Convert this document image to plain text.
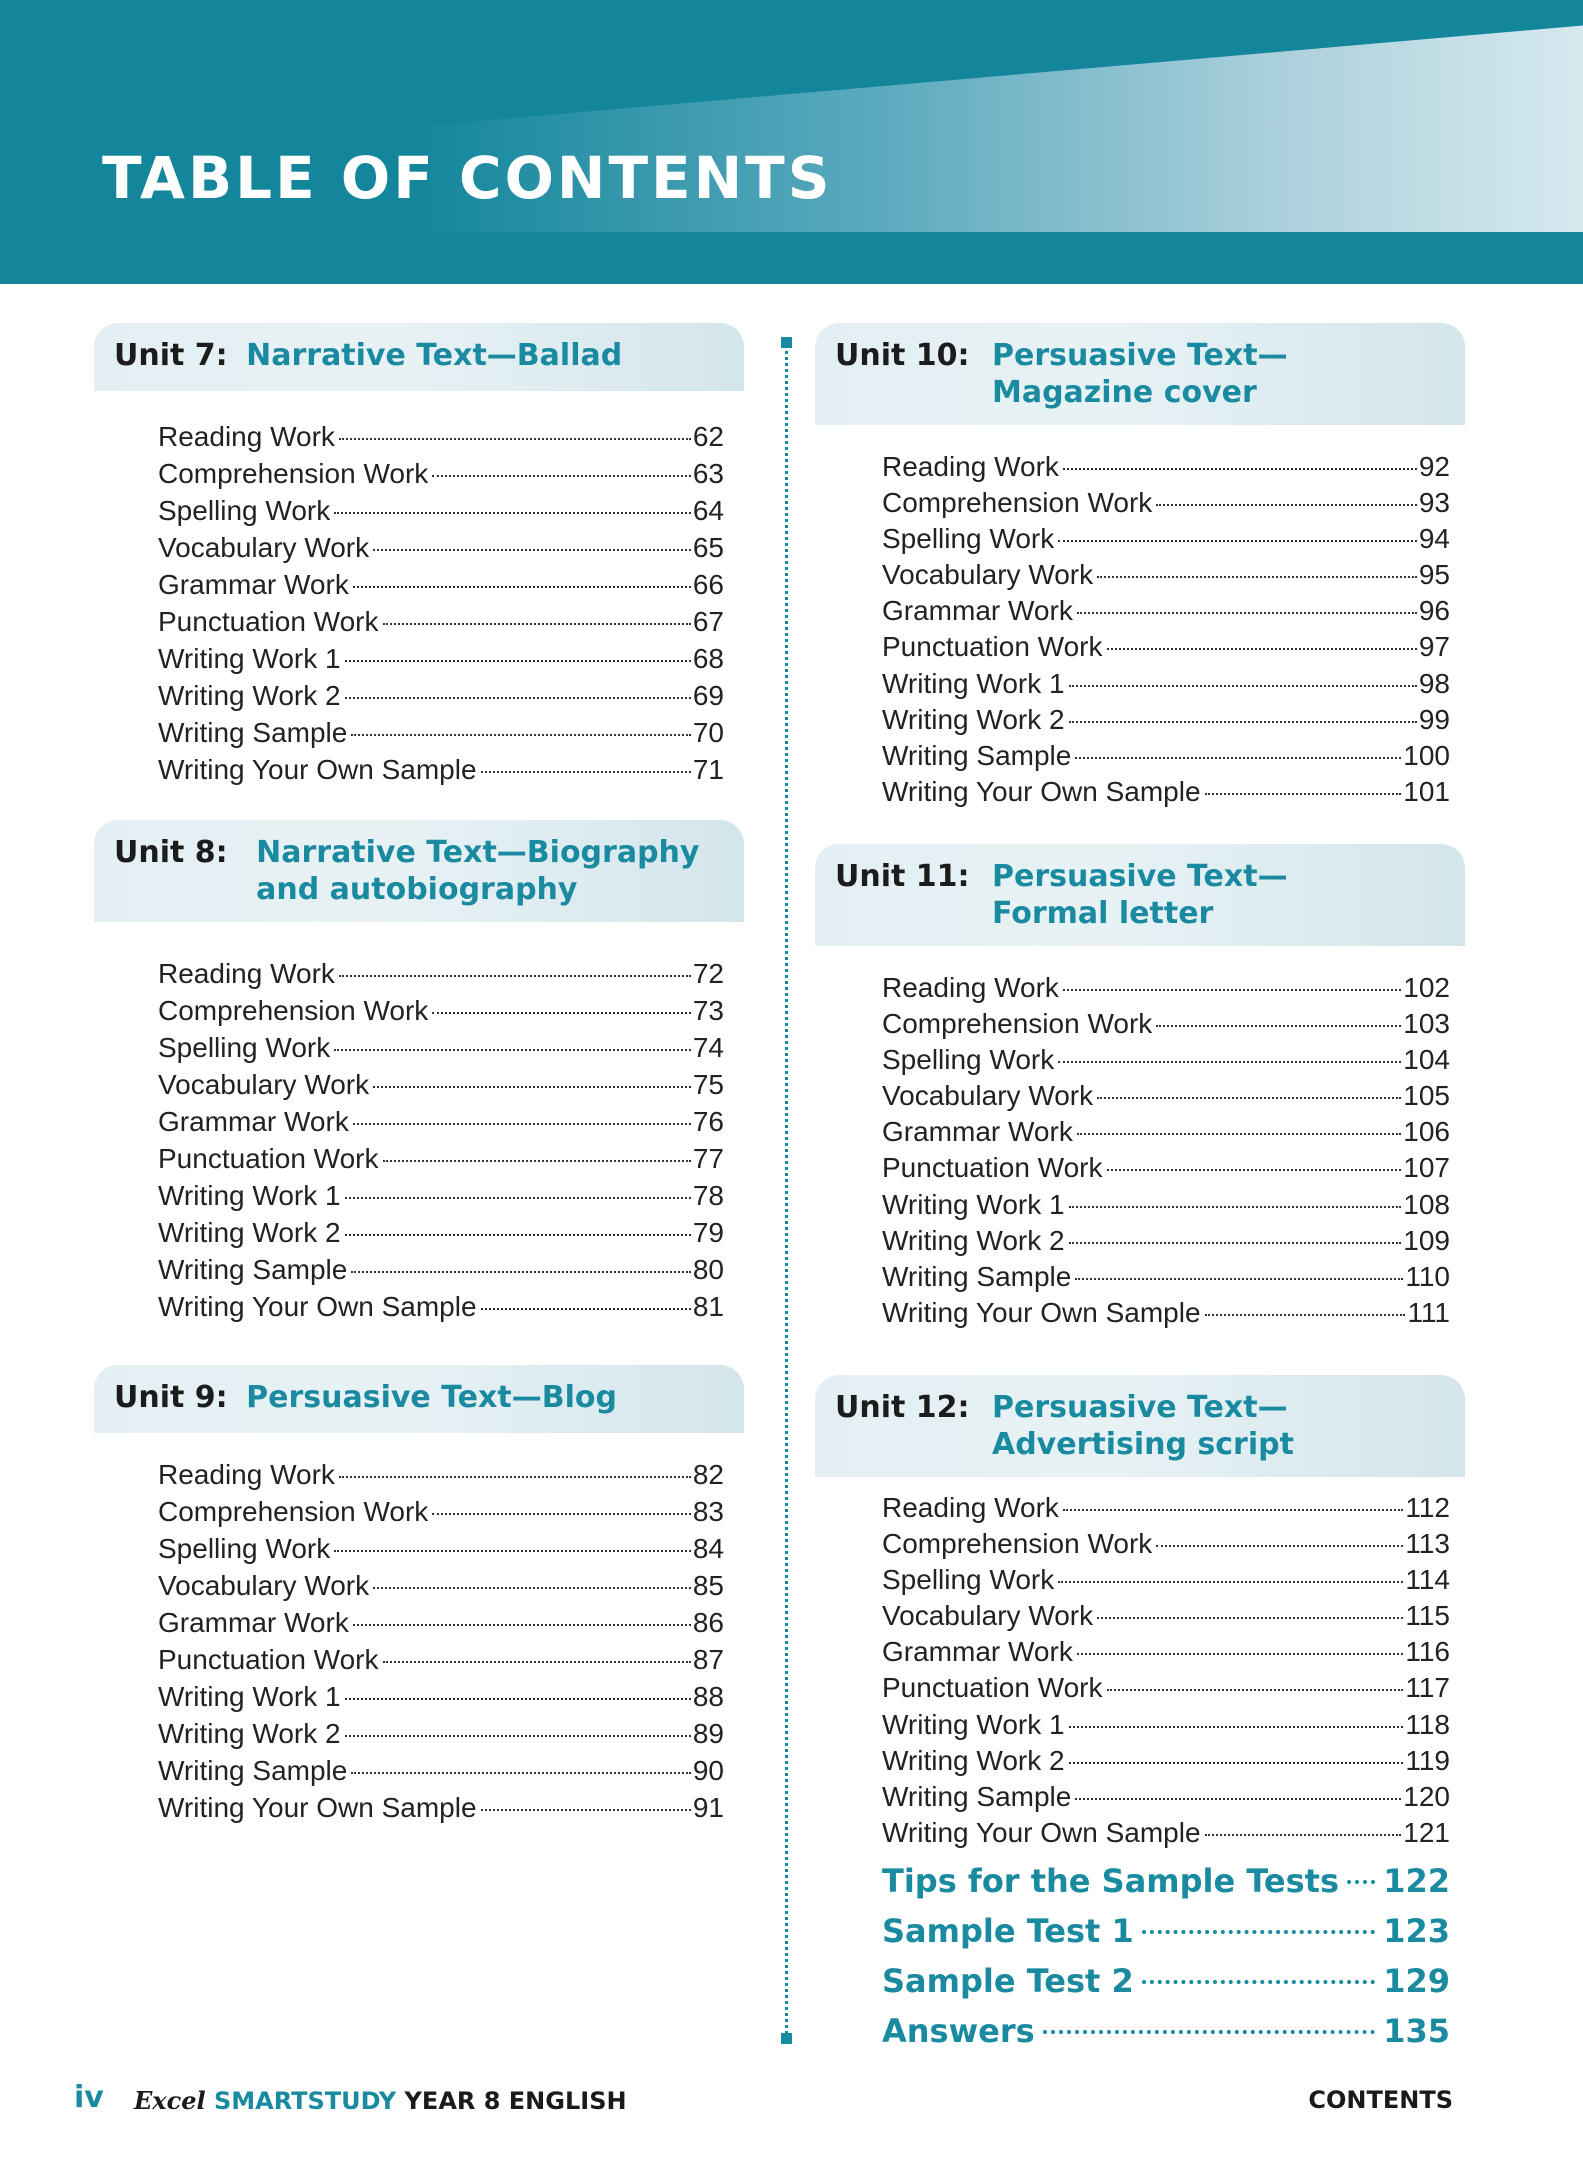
TABLE OF CONTENTS
Unit 7: Narrative Text—Ballad
Reading Work	62
Comprehension Work	63
Spelling Work	64
Vocabulary Work	65
Grammar Work	66
Punctuation Work	67
Writing Work 1	68
Writing Work 2	69
Writing Sample	70
Writing Your Own Sample	71
Unit 8: Narrative Text—Biography
and autobiography
Reading Work	72
Comprehension Work	73
Spelling Work	74
Vocabulary Work	75
Grammar Work	76
Punctuation Work	77
Writing Work 1	78
Writing Work 2	79
Writing Sample	80
Writing Your Own Sample	81
Unit 9: Persuasive Text—Blog
Reading Work	82
Comprehension Work	83
Spelling Work	84
Vocabulary Work	85
Grammar Work	86
Punctuation Work	87
Writing Work 1	88
Writing Work 2	89
Writing Sample	90
Writing Your Own Sample	91
Unit 10: Persuasive Text—
Magazine cover
Reading Work	92
Comprehension Work	93
Spelling Work	94
Vocabulary Work	95
Grammar Work	96
Punctuation Work	97
Writing Work 1	98
Writing Work 2	99
Writing Sample	100
Writing Your Own Sample	101
Unit 11: Persuasive Text—
Formal letter
Reading Work	102
Comprehension Work	103
Spelling Work	104
Vocabulary Work	105
Grammar Work	106
Punctuation Work	107
Writing Work 1	108
Writing Work 2	109
Writing Sample	110
Writing Your Own Sample	111
Unit 12: Persuasive Text—
Advertising script
Reading Work	112
Comprehension Work	113
Spelling Work	114
Vocabulary Work	115
Grammar Work	116
Punctuation Work	117
Writing Work 1	118
Writing Work 2	119
Writing Sample	120
Writing Your Own Sample	121
Tips for the Sample Tests 122
Sample Test 1	123
Sample Test 2	129
Answers	135
iv Excel SMARTSTUDY YEAR 8 ENGLISH	CONTENTS
